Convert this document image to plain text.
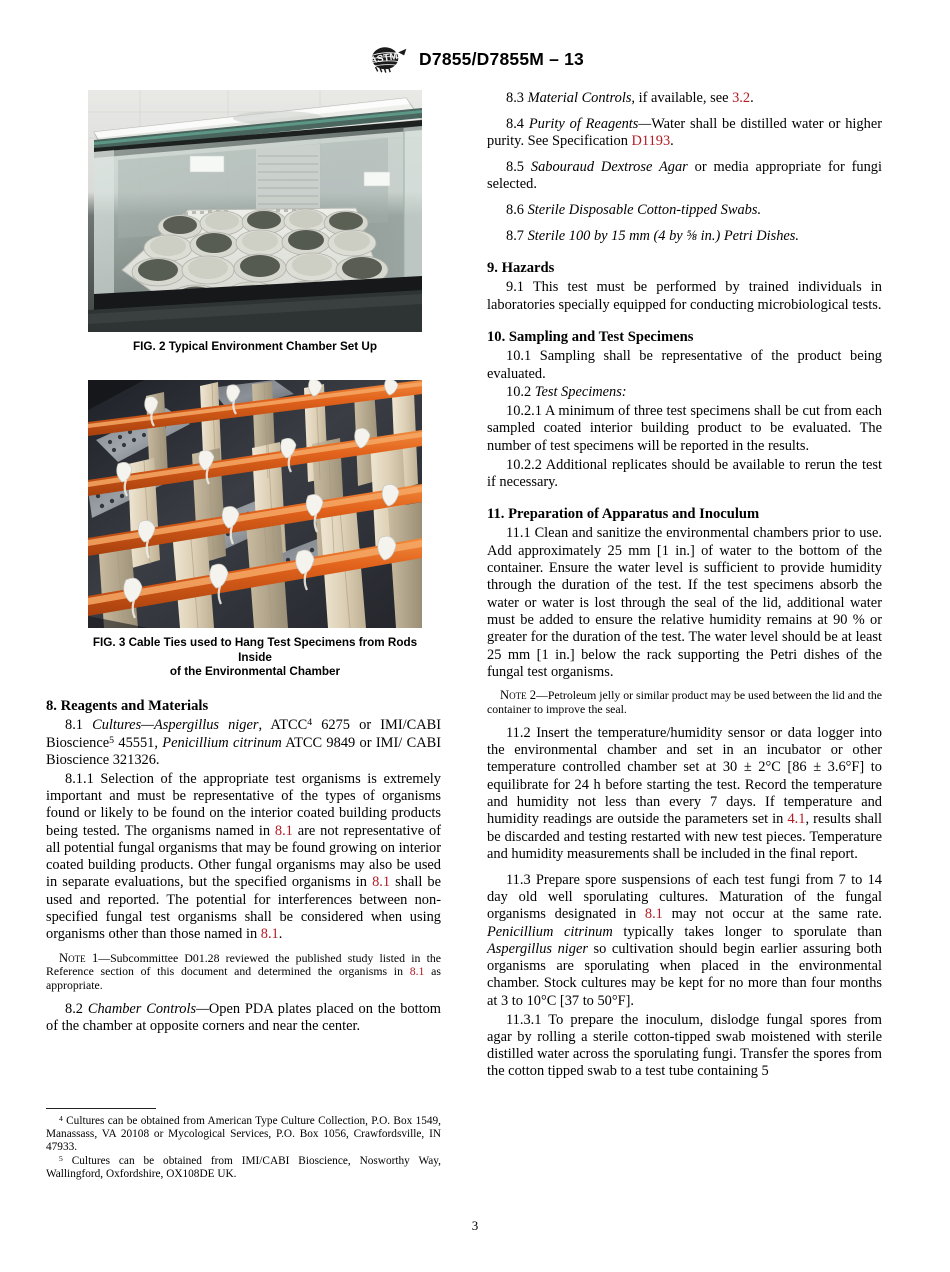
ASTM D7855/D7855M – 13
FIG. 2 Typical Environment Chamber Set Up
FIG. 3 Cable Ties used to Hang Test Specimens from Rods Inside
of the Environmental Chamber

8. Reagents and Materials

8.1 Cultures—Aspergillus niger, ATCC$^4$ 6275 or IMI/CABI Bioscience$^5$ 45551, Penicillium citrinum ATCC 9849 or IMI/ CABI Bioscience 321326.

8.1.1 Selection of the appropriate test organisms is extremely important and must be representative of the types of organisms found or likely to be found on the interior coated building products being tested. The organisms named in 8.1 are not representative of all potential fungal organisms that may be found growing on interior coated building products. Other fungal organisms may also be used in separate evaluations, but the specified organisms in 8.1 shall be used and reported. The potential for interferences between non-specified fungal test organisms shall be considered when using organisms other than those named in 8.1.

Note 1—Subcommittee D01.28 reviewed the published study listed in the Reference section of this document and determined the organisms in 8.1 as appropriate.

8.2 Chamber Controls—Open PDA plates placed on the bottom of the chamber at opposite corners and near the center.

$^4$ Cultures can be obtained from American Type Culture Collection, P.O. Box 1549, Manassass, VA 20108 or Mycological Services, P.O. Box 1056, Crawfordsville, IN 47933.

$^5$ Cultures can be obtained from IMI/CABI Bioscience, Nosworthy Way, Wallingford, Oxfordshire, OX108DE UK.

8.3 Material Controls, if available, see 3.2.

8.4 Purity of Reagents—Water shall be distilled water or higher purity. See Specification D1193.

8.5 Sabouraud Dextrose Agar or media appropriate for fungi selected.

8.6 Sterile Disposable Cotton-tipped Swabs.

8.7 Sterile 100 by 15 mm (4 by ⅝ in.) Petri Dishes.

9. Hazards

9.1 This test must be performed by trained individuals in laboratories specially equipped for conducting microbiological tests.

10. Sampling and Test Specimens

10.1 Sampling shall be representative of the product being evaluated.

10.2 Test Specimens:

10.2.1 A minimum of three test specimens shall be cut from each sampled coated interior building product to be evaluated. The number of test specimens will be reported in the results.

10.2.2 Additional replicates should be available to rerun the test if necessary.

11. Preparation of Apparatus and Inoculum

11.1 Clean and sanitize the environmental chambers prior to use. Add approximately 25 mm [1 in.] of water to the bottom of the container. Ensure the water level is sufficient to provide humidity through the duration of the test. If the test specimens absorb the water or water is lost through the seal of the lid, additional water must be added to ensure the relative humidity remains at 90 % or greater for the duration of the test. The water level should be at least 25 mm [1 in.] below the rack supporting the Petri dishes of the fungal test organisms.

Note 2—Petroleum jelly or similar product may be used between the lid and the container to improve the seal.

11.2 Insert the temperature/humidity sensor or data logger into the environmental chamber and set in an incubator or other temperature controlled chamber set at 30 ± 2°C [86 ± 3.6°F] to equilibrate for 24 h before starting the test. Record the temperature and humidity not less than every 7 days. If temperature and humidity readings are outside the parameters set in 4.1, results shall be discarded and testing restarted with new test pieces. Temperature and humidity measurements shall be included in the final report.

11.3 Prepare spore suspensions of each test fungi from 7 to 14 day old well sporulating cultures. Maturation of the fungal organisms designated in 8.1 may not occur at the same rate. Penicillium citrinum typically takes longer to sporulate than Aspergillus niger so cultivation should begin earlier assuring both organisms are sporulating when placed in the environmental chamber. Stock cultures may be kept for no more than four months at 3 to 10°C [37 to 50°F].

11.3.1 To prepare the inoculum, dislodge fungal spores from agar by rolling a sterile cotton-tipped swab moistened with sterile distilled water across the sporulating fungi. Transfer the spores from the cotton tipped swab to a test tube containing 5

3
